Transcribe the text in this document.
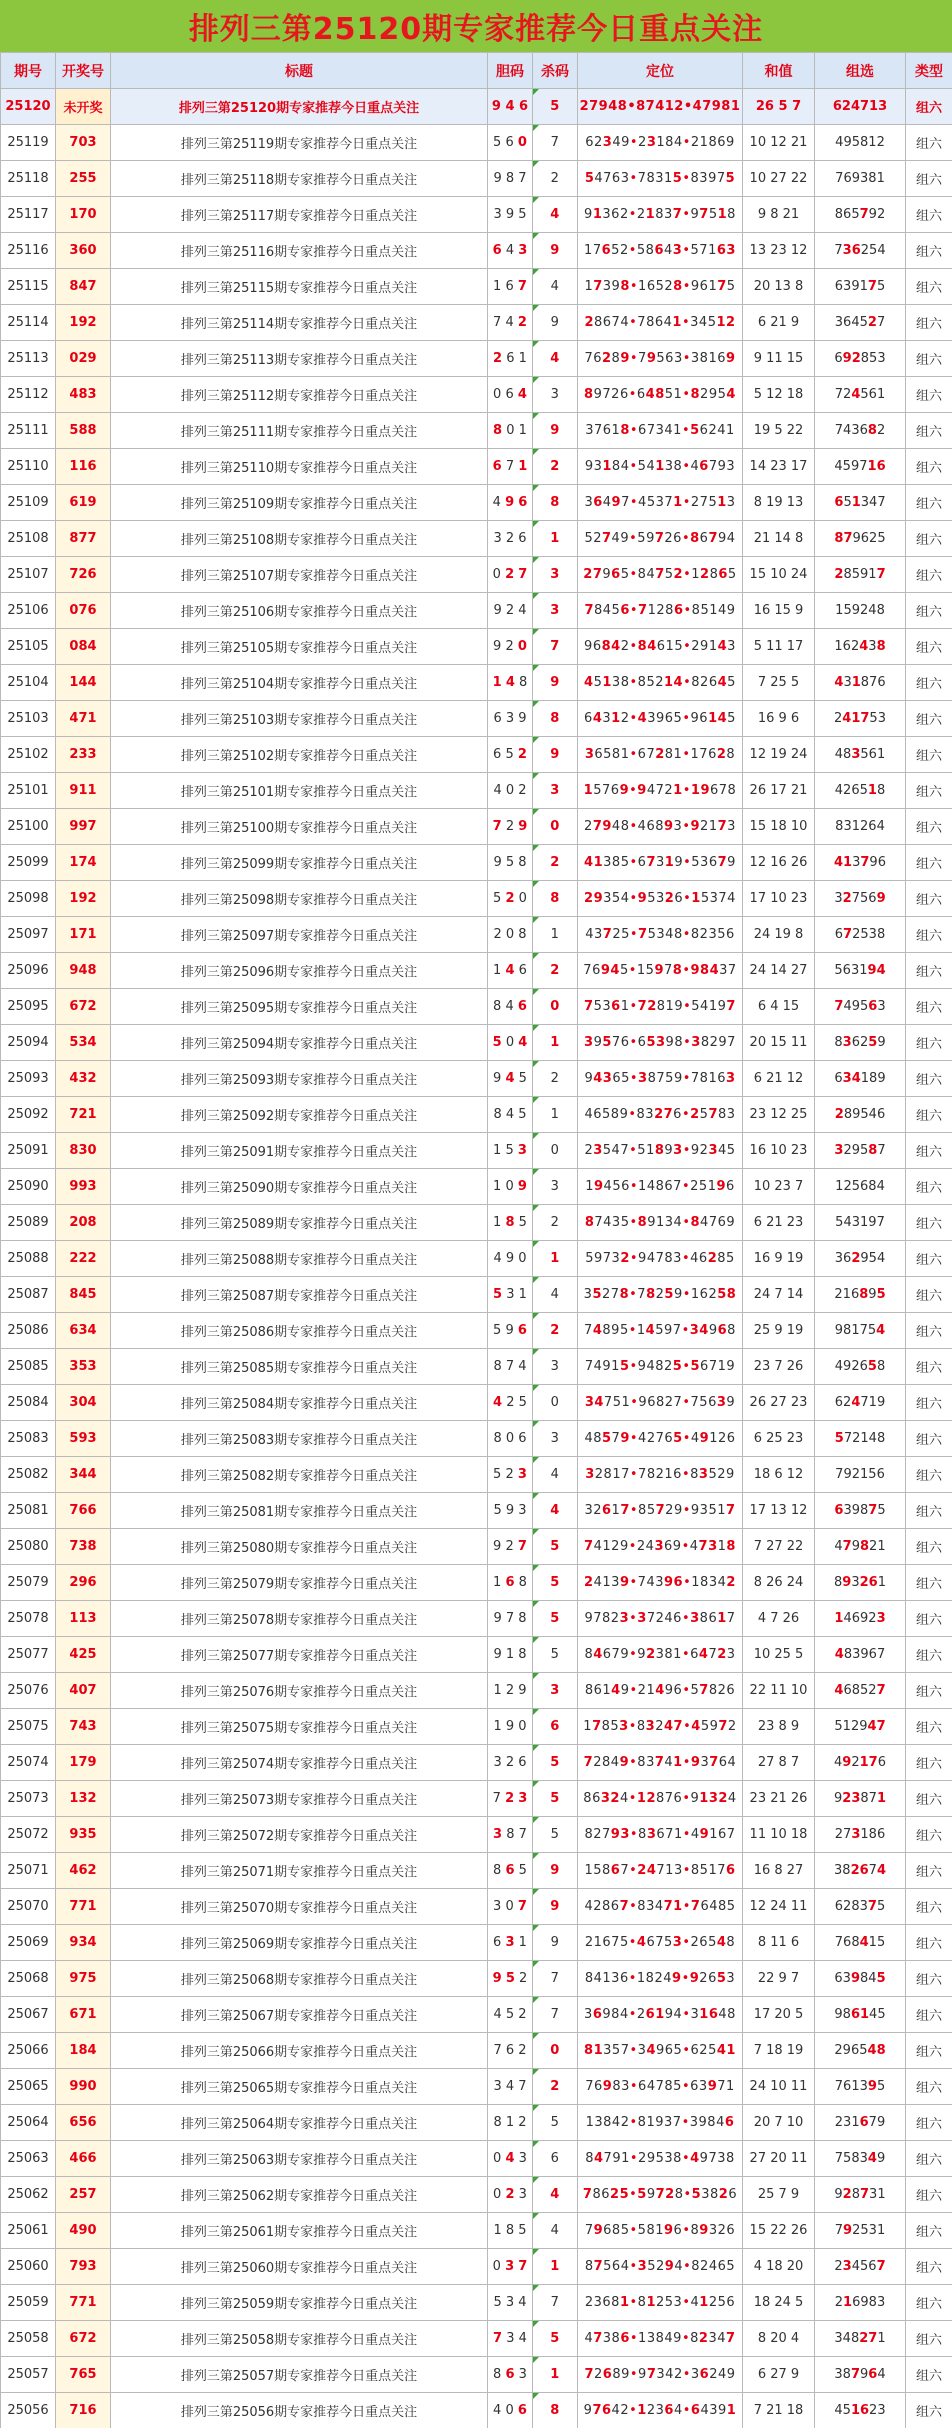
排列三第25120期专家推荐今日重点关注
期号	开奖号	标题	胆码	杀码	定位	和值	组选	类型
25120	未开奖	排列三第25120期专家推荐今日重点关注	9 4 6	5	27948•87412•47981	26 5 7	624713	组六
25119	703	排列三第25119期专家推荐今日重点关注	5 6 0	7	62349•23184•21869	10 12 21	495812	组六
25118	255	排列三第25118期专家推荐今日重点关注	9 8 7	2	54763•78315•83975	10 27 22	769381	组六
25117	170	排列三第25117期专家推荐今日重点关注	3 9 5	4	91362•21837•97518	9 8 21	865792	组六
25116	360	排列三第25116期专家推荐今日重点关注	6 4 3	9	17652•58643•57163	13 23 12	736254	组六
25115	847	排列三第25115期专家推荐今日重点关注	1 6 7	4	17398•16528•96175	20 13 8	639175	组六
25114	192	排列三第25114期专家推荐今日重点关注	7 4 2	9	28674•78641•34512	6 21 9	364527	组六
25113	029	排列三第25113期专家推荐今日重点关注	2 6 1	4	76289•79563•38169	9 11 15	692853	组六
25112	483	排列三第25112期专家推荐今日重点关注	0 6 4	3	89726•64851•82954	5 12 18	724561	组六
25111	588	排列三第25111期专家推荐今日重点关注	8 0 1	9	37618•67341•56241	19 5 22	743682	组六
25110	116	排列三第25110期专家推荐今日重点关注	6 7 1	2	93184•54138•46793	14 23 17	459716	组六
25109	619	排列三第25109期专家推荐今日重点关注	4 9 6	8	36497•45371•27513	8 19 13	651347	组六
25108	877	排列三第25108期专家推荐今日重点关注	3 2 6	1	52749•59726•86794	21 14 8	879625	组六
25107	726	排列三第25107期专家推荐今日重点关注	0 2 7	3	27965•84752•12865	15 10 24	285917	组六
25106	076	排列三第25106期专家推荐今日重点关注	9 2 4	3	78456•71286•85149	16 15 9	159248	组六
25105	084	排列三第25105期专家推荐今日重点关注	9 2 0	7	96842•84615•29143	5 11 17	162438	组六
25104	144	排列三第25104期专家推荐今日重点关注	1 4 8	9	45138•85214•82645	7 25 5	431876	组六
25103	471	排列三第25103期专家推荐今日重点关注	6 3 9	8	64312•43965•96145	16 9 6	241753	组六
25102	233	排列三第25102期专家推荐今日重点关注	6 5 2	9	36581•67281•17628	12 19 24	483561	组六
25101	911	排列三第25101期专家推荐今日重点关注	4 0 2	3	15769•94721•19678	26 17 21	426518	组六
25100	997	排列三第25100期专家推荐今日重点关注	7 2 9	0	27948•46893•92173	15 18 10	831264	组六
25099	174	排列三第25099期专家推荐今日重点关注	9 5 8	2	41385•67319•53679	12 16 26	413796	组六
25098	192	排列三第25098期专家推荐今日重点关注	5 2 0	8	29354•95326•15374	17 10 23	327569	组六
25097	171	排列三第25097期专家推荐今日重点关注	2 0 8	1	43725•75348•82356	24 19 8	672538	组六
25096	948	排列三第25096期专家推荐今日重点关注	1 4 6	2	76945•15978•98437	24 14 27	563194	组六
25095	672	排列三第25095期专家推荐今日重点关注	8 4 6	0	75361•72819•54197	6 4 15	749563	组六
25094	534	排列三第25094期专家推荐今日重点关注	5 0 4	1	39576•65398•38297	20 15 11	836259	组六
25093	432	排列三第25093期专家推荐今日重点关注	9 4 5	2	94365•38759•78163	6 21 12	634189	组六
25092	721	排列三第25092期专家推荐今日重点关注	8 4 5	1	46589•83276•25783	23 12 25	289546	组六
25091	830	排列三第25091期专家推荐今日重点关注	1 5 3	0	23547•51893•92345	16 10 23	329587	组六
25090	993	排列三第25090期专家推荐今日重点关注	1 0 9	3	19456•14867•25196	10 23 7	125684	组六
25089	208	排列三第25089期专家推荐今日重点关注	1 8 5	2	87435•89134•84769	6 21 23	543197	组六
25088	222	排列三第25088期专家推荐今日重点关注	4 9 0	1	59732•94783•46285	16 9 19	362954	组六
25087	845	排列三第25087期专家推荐今日重点关注	5 3 1	4	35278•78259•16258	24 7 14	216895	组六
25086	634	排列三第25086期专家推荐今日重点关注	5 9 6	2	74895•14597•34968	25 9 19	981754	组六
25085	353	排列三第25085期专家推荐今日重点关注	8 7 4	3	74915•94825•56719	23 7 26	492658	组六
25084	304	排列三第25084期专家推荐今日重点关注	4 2 5	0	34751•96827•75639	26 27 23	624719	组六
25083	593	排列三第25083期专家推荐今日重点关注	8 0 6	3	48579•42765•49126	6 25 23	572148	组六
25082	344	排列三第25082期专家推荐今日重点关注	5 2 3	4	32817•78216•83529	18 6 12	792156	组六
25081	766	排列三第25081期专家推荐今日重点关注	5 9 3	4	32617•85729•93517	17 13 12	639875	组六
25080	738	排列三第25080期专家推荐今日重点关注	9 2 7	5	74129•24369•47318	7 27 22	479821	组六
25079	296	排列三第25079期专家推荐今日重点关注	1 6 8	5	24139•74396•18342	8 26 24	893261	组六
25078	113	排列三第25078期专家推荐今日重点关注	9 7 8	5	97823•37246•38617	4 7 26	146923	组六
25077	425	排列三第25077期专家推荐今日重点关注	9 1 8	5	84679•92381•64723	10 25 5	483967	组六
25076	407	排列三第25076期专家推荐今日重点关注	1 2 9	3	86149•21496•57826	22 11 10	468527	组六
25075	743	排列三第25075期专家推荐今日重点关注	1 9 0	6	17853•83247•45972	23 8 9	512947	组六
25074	179	排列三第25074期专家推荐今日重点关注	3 2 6	5	72849•83741•93764	27 8 7	492176	组六
25073	132	排列三第25073期专家推荐今日重点关注	7 2 3	5	86324•12876•91324	23 21 26	923871	组六
25072	935	排列三第25072期专家推荐今日重点关注	3 8 7	5	82793•83671•49167	11 10 18	273186	组六
25071	462	排列三第25071期专家推荐今日重点关注	8 6 5	9	15867•24713•85176	16 8 27	382674	组六
25070	771	排列三第25070期专家推荐今日重点关注	3 0 7	9	42867•83471•76485	12 24 11	628375	组六
25069	934	排列三第25069期专家推荐今日重点关注	6 3 1	9	21675•46753•26548	8 11 6	768415	组六
25068	975	排列三第25068期专家推荐今日重点关注	9 5 2	7	84136•18249•92653	22 9 7	639845	组六
25067	671	排列三第25067期专家推荐今日重点关注	4 5 2	7	36984•26194•31648	17 20 5	986145	组六
25066	184	排列三第25066期专家推荐今日重点关注	7 6 2	0	81357•34965•62541	7 18 19	296548	组六
25065	990	排列三第25065期专家推荐今日重点关注	3 4 7	2	76983•64785•63971	24 10 11	761395	组六
25064	656	排列三第25064期专家推荐今日重点关注	8 1 2	5	13842•81937•39846	20 7 10	231679	组六
25063	466	排列三第25063期专家推荐今日重点关注	0 4 3	6	84791•29538•49738	27 20 11	758349	组六
25062	257	排列三第25062期专家推荐今日重点关注	0 2 3	4	78625•59728•53826	25 7 9	928731	组六
25061	490	排列三第25061期专家推荐今日重点关注	1 8 5	4	79685•58196•89326	15 22 26	792531	组六
25060	793	排列三第25060期专家推荐今日重点关注	0 3 7	1	87564•35294•82465	4 18 20	234567	组六
25059	771	排列三第25059期专家推荐今日重点关注	5 3 4	7	23681•81253•41256	18 24 5	216983	组六
25058	672	排列三第25058期专家推荐今日重点关注	7 3 4	5	47386•13849•82347	8 20 4	348271	组六
25057	765	排列三第25057期专家推荐今日重点关注	8 6 3	1	72689•97342•36249	6 27 9	387964	组六
25056	716	排列三第25056期专家推荐今日重点关注	4 0 6	8	97642•12364•64391	7 21 18	451623	组六
